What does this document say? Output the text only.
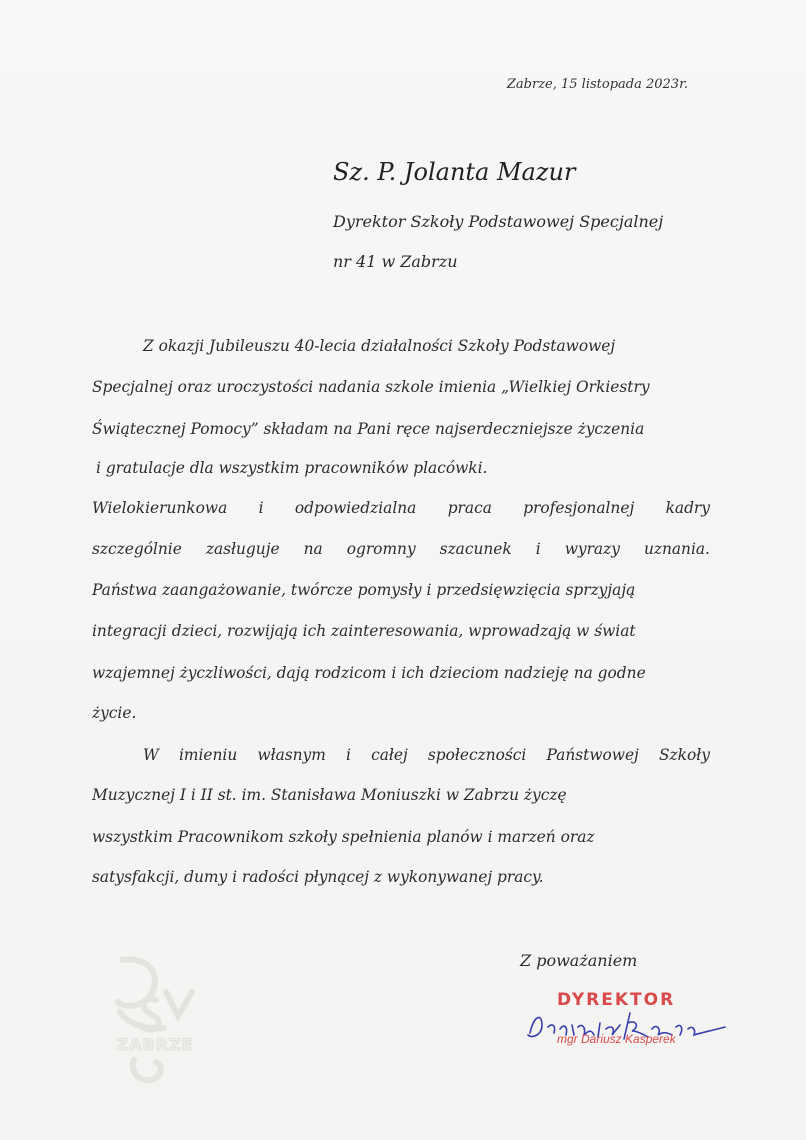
Zabrze, 15 listopada 2023r.
Sz. P. Jolanta Mazur
Dyrektor Szkoły Podstawowej Specjalnej
nr 41 w Zabrzu
Z okazji Jubileuszu 40-lecia działalności Szkoły Podstawowej
Specjalnej oraz uroczystości nadania szkole imienia „Wielkiej Orkiestry
Świątecznej Pomocy” składam na Pani ręce najserdeczniejsze życzenia
i gratulacje dla wszystkim pracowników placówki.
Wielokierunkowa i odpowiedzialna praca profesjonalnej kadry
szczególnie zasługuje na ogromny szacunek i wyrazy uznania.
Państwa zaangażowanie, twórcze pomysły i przedsięwzięcia sprzyjają
integracji dzieci, rozwijają ich zainteresowania, wprowadzają w świat
wzajemnej życzliwości, dają rodzicom i ich dzieciom nadzieję na godne
życie.
W imieniu własnym i całej społeczności Państwowej Szkoły
Muzycznej I i II st. im. Stanisława Moniuszki w Zabrzu życzę
wszystkim Pracownikom szkoły spełnienia planów i marzeń oraz
satysfakcji, dumy i radości płynącej z wykonywanej pracy.
Z poważaniem
DYREKTOR
mgr Dariusz Kasperek
ZABRZE
